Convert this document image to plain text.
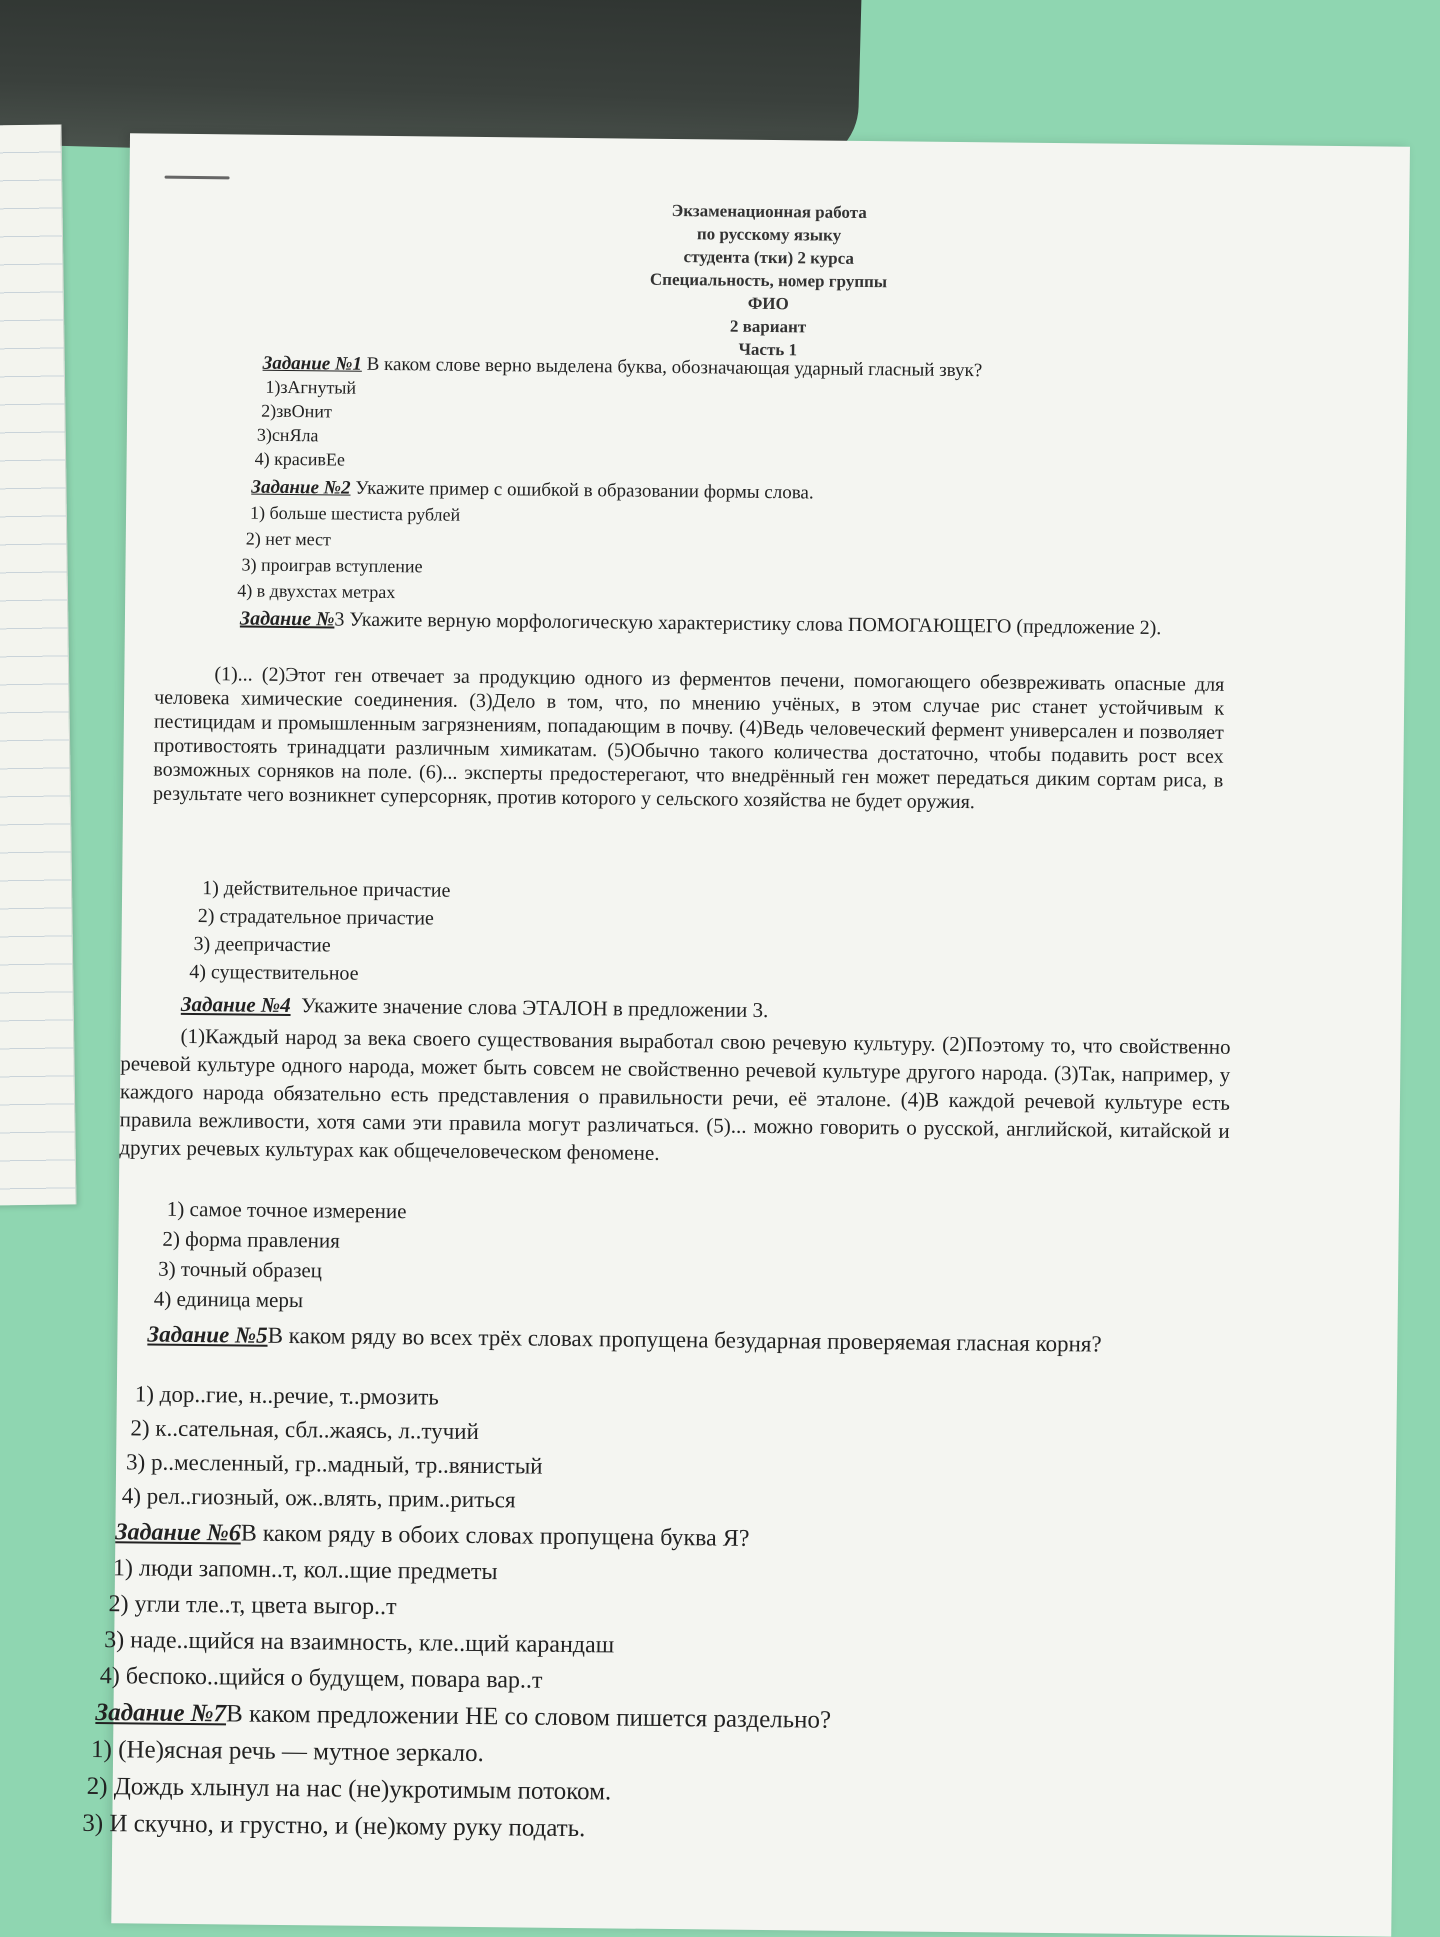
Экзаменационная работа
по русскому языку
студента (тки) 2 курса
Специальность, номер группы
ФИО
2 вариант
Часть 1
Задание №1 В каком слове верно выделена буква, обозначающая ударный гласный звук?
1)зАгнутый
2)звОнит
3)снЯла
4) красивЕе
Задание №2 Укажите пример с ошибкой в образовании формы слова.
1) больше шестиста рублей
2) нет мест
3) проиграв вступление
4) в двухстах метрах
Задание №3 Укажите верную морфологическую характеристику слова ПОМОГАЮЩЕГО (предложение 2).
(1)... (2)Этот ген отвечает за продукцию одного из ферментов печени, помогающего обезвреживать опасные для человека химические соединения. (3)Дело в том, что, по мнению учёных, в этом случае рис станет устойчивым к пестицидам и промышленным загрязнениям, попадающим в почву. (4)Ведь человеческий фермент универсален и позволяет противостоять тринадцати различным химикатам. (5)Обычно такого количества достаточно, чтобы подавить рост всех возможных сорняков на поле. (6)... эксперты предостерегают, что внедрённый ген может передаться диким сортам риса, в результате чего возникнет суперсорняк, против которого у сельского хозяйства не будет оружия.
1) действительное причастие
2) страдательное причастие
3) деепричастие
4) существительное
Задание №4 Укажите значение слова ЭТАЛОН в предложении 3.
(1)Каждый народ за века своего существования выработал свою речевую культуру. (2)Поэтому то, что свойственно речевой культуре одного народа, может быть совсем не свойственно речевой культуре другого народа. (3)Так, например, у каждого народа обязательно есть представления о правильности речи, её эталоне. (4)В каждой речевой культуре есть правила вежливости, хотя сами эти правила могут различаться. (5)... можно говорить о русской, английской, китайской и других речевых культурах как общечеловеческом феномене.
1) самое точное измерение
2) форма правления
3) точный образец
4) единица меры
Задание №5В каком ряду во всех трёх словах пропущена безударная проверяемая гласная корня?
1) дор..гие, н..речие, т..рмозить
2) к..сательная, сбл..жаясь, л..тучий
3) р..месленный, гр..мадный, тр..вянистый
4) рел..гиозный, ож..влять, прим..риться
Задание №6В каком ряду в обоих словах пропущена буква Я?
1) люди запомн..т, кол..щие предметы
2) угли тле..т, цвета выгор..т
3) наде..щийся на взаимность, кле..щий карандаш
4) беспоко..щийся о будущем, повара вар..т
Задание №7В каком предложении НЕ со словом пишется раздельно?
1) (Не)ясная речь — мутное зеркало.
2) Дождь хлынул на нас (не)укротимым потоком.
3) И скучно, и грустно, и (не)кому руку подать.
